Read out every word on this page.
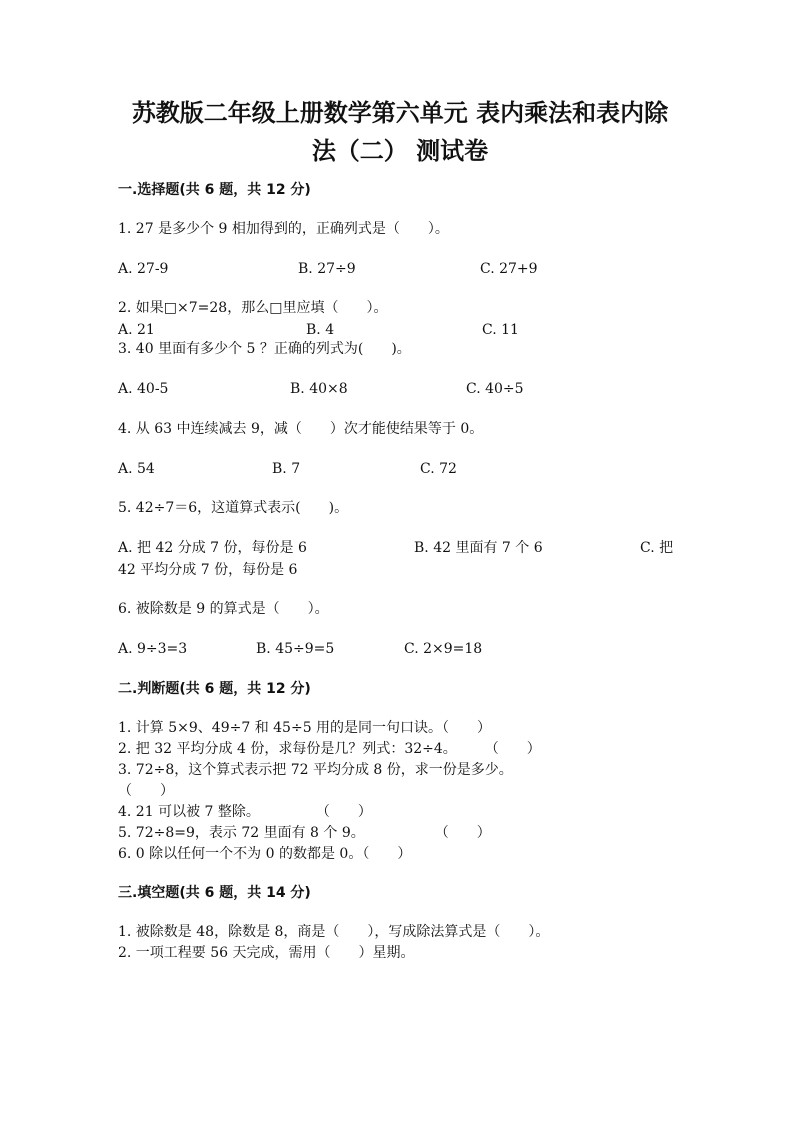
苏教版二年级上册数学第六单元 表内乘法和表内除
法（二） 测试卷
一.选择题(共 6 题，共 12 分)
1. 27 是多少个 9 相加得到的，正确列式是（　　）。
A. 27-9	B. 27÷9	C. 27+9
2. 如果□×7=28，那么□里应填（　　）。
A. 21	B. 4	C. 11
3. 40 里面有多少个 5 ？正确的列式为(　　)。
A. 40-5	B. 40×8	C. 40÷5
4. 从 63 中连续减去 9，减（　　）次才能使结果等于 0。
A. 54	B. 7	C. 72
5. 42÷7＝6，这道算式表示(　　)。
A. 把 42 分成 7 份，每份是 6	B. 42 里面有 7 个 6	C. 把
42 平均分成 7 份，每份是 6
6. 被除数是 9 的算式是（　　）。
A. 9÷3=3	B. 45÷9=5	C. 2×9=18
二.判断题(共 6 题，共 12 分)
1. 计算 5×9、49÷7 和 45÷5 用的是同一句口诀。（　　）
2. 把 32 平均分成 4 份，求每份是几？列式：32÷4。　　　（　　）
3. 72÷8，这个算式表示把 72 平均分成 8 份，求一份是多少。
（　　）
4. 21 可以被 7 整除。　　　　　（　　）
5. 72÷8=9，表示 72 里面有 8 个 9。　　　　　　（　　）
6. 0 除以任何一个不为 0 的数都是 0。（　　）
三.填空题(共 6 题，共 14 分)
1. 被除数是 48，除数是 8，商是（　　），写成除法算式是（　　）。
2. 一项工程要 56 天完成，需用（　　）星期。
